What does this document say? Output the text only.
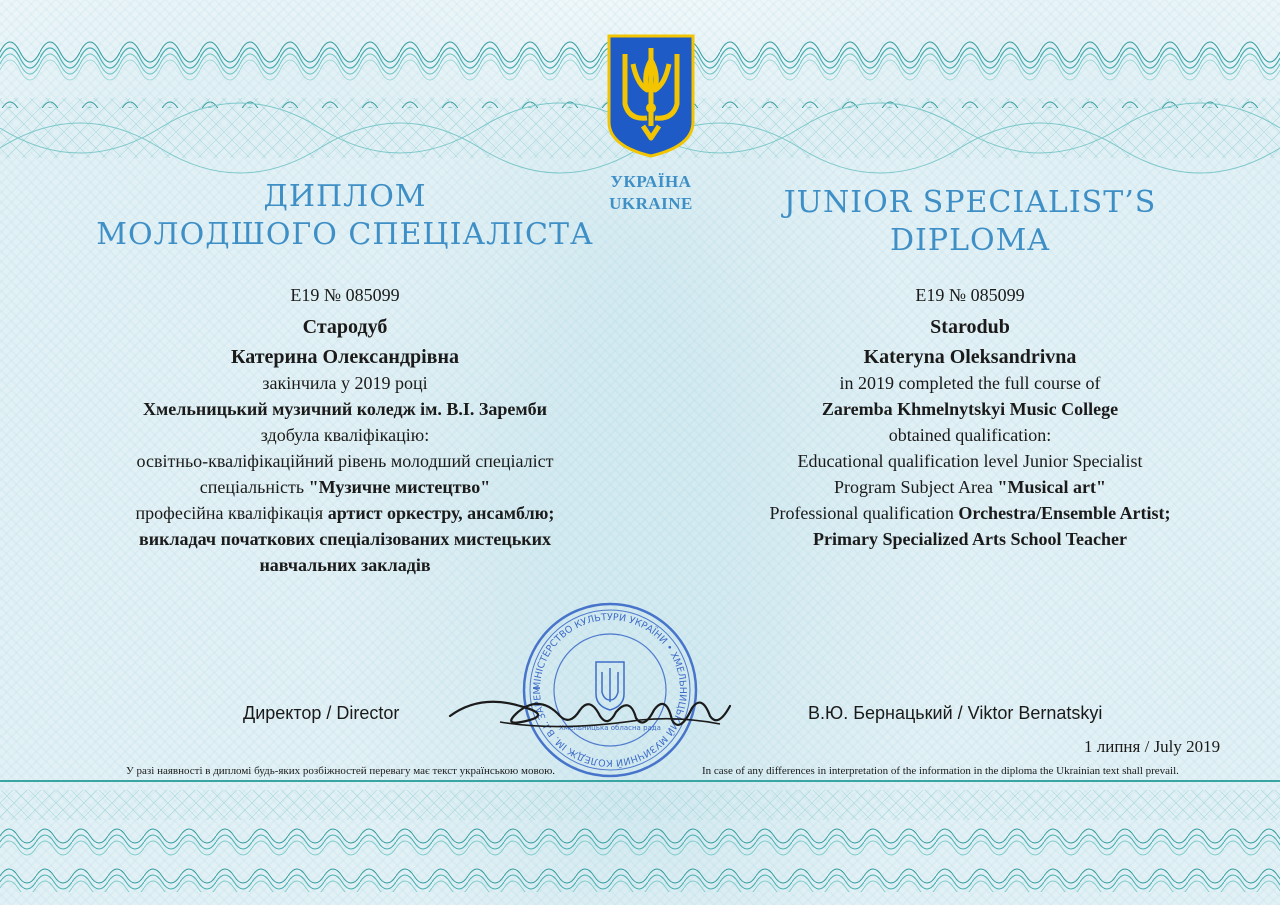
УКРАЇНА
UKRAINE
ДИПЛОМ
МОЛОДШОГО СПЕЦІАЛІСТА
JUNIOR SPECIALIST’S
DIPLOMA
Е19 № 085099
Стародуб
Катерина Олександрівна
закінчила у 2019 році
Хмельницький музичний коледж ім. В.І. Заремби
здобула кваліфікацію:
освітньо-кваліфікаційний рівень молодший спеціаліст
спеціальність "Музичне мистецтво"
професійна кваліфікація артист оркестру, ансамблю;
викладач початкових спеціалізованих мистецьких
навчальних закладів
E19 № 085099
Starodub
Kateryna Oleksandrivna
in 2019 completed the full course of
Zaremba Khmelnytskyi Music College
obtained qualification:
Educational qualification level Junior Specialist
Program Subject Area "Musical art"
Professional qualification Orchestra/Ensemble Artist;
Primary Specialized Arts School Teacher
МІНІСТЕРСТВО КУЛЬТУРИ УКРАЇНИ • ХМЕЛЬНИЦЬКИЙ МУЗИЧНИЙ КОЛЕДЖ ІМ. В.І. ЗАРЕМ
Хмельницька обласна рада
Директор / Director	В.Ю. Бернацький / Viktor Bernatskyi
1 липня / July 2019
У разі наявності в дипломі будь-яких розбіжностей перевагу має текст українською мовою.	In case of any differences in interpretation of the information in the diploma the Ukrainian text shall prevail.
